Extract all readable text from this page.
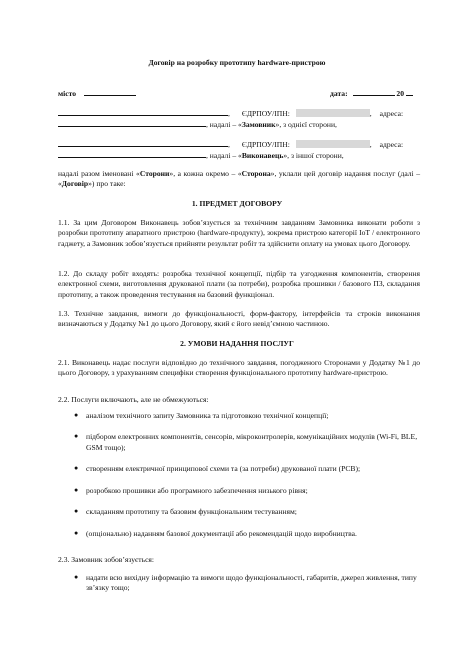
Договір на розробку прототипу hardware-пристрою
місто	дата:	20
, ЄДРПОУ/ІПН:	, адреса:
, надалі – «Замовник», з однієї сторони,
, ЄДРПОУ/ІПН:	, адреса:
, надалі – «Виконавець», з іншої сторони,
надалі разом іменовані «Сторони», а кожна окремо – «Сторона», уклали цей договір надання послуг (далі – «Договір») про таке:
1. ПРЕДМЕТ ДОГОВОРУ
1.1. За цим Договором Виконавець зобов’язується за технічним завданням Замовника виконати роботи з розробки прототипу апаратного пристрою (hardware-продукту), зокрема пристрою категорії IoT / електронного гаджету, а Замовник зобов’язується прийняти результат робіт та здійснити оплату на умовах цього Договору.
1.2. До складу робіт входять: розробка технічної концепції, підбір та узгодження компонентів, створення електронної схеми, виготовлення друкованої плати (за потреби), розробка прошивки / базового ПЗ, складання прототипу, а також проведення тестування на базовий функціонал.
1.3. Технічне завдання, вимоги до функціональності, форм-фактору, інтерфейсів та строків виконання визначаються у Додатку №1 до цього Договору, який є його невід’ємною частиною.
2. УМОВИ НАДАННЯ ПОСЛУГ
2.1. Виконавець надає послуги відповідно до технічного завдання, погодженого Сторонами у Додатку №1 до цього Договору, з урахуванням специфіки створення функціонального прототипу hardware-пристрою.
2.2. Послуги включають, але не обмежуються:
● аналізом технічного запиту Замовника та підготовкою технічної концепції;
● підбором електронних компонентів, сенсорів, мікроконтролерів, комунікаційних модулів (Wi-Fi, BLE, GSM тощо);
● створенням електричної принципової схеми та (за потреби) друкованої плати (PCB);
● розробкою прошивки або програмного забезпечення низького рівня;
● складанням прототипу та базовим функціональним тестуванням;
● (опціонально) наданням базової документації або рекомендацій щодо виробництва.
2.3. Замовник зобов’язується:
● надати всю вихідну інформацію та вимоги щодо функціональності, габаритів, джерел живлення, типу зв’язку тощо;
